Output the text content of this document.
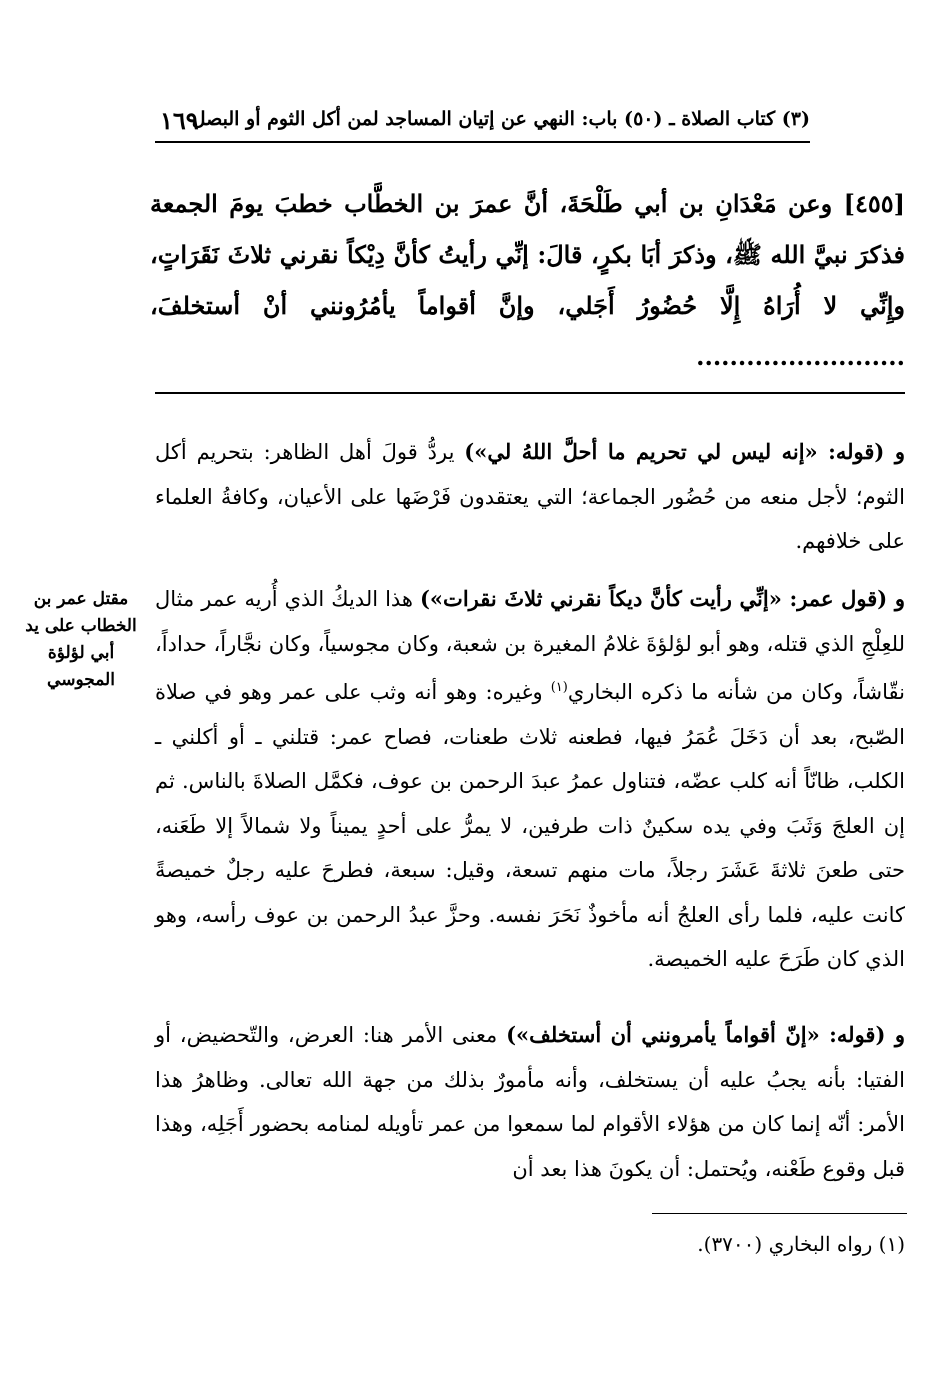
(٣) كتاب الصلاة ـ (٥٠) باب: النهي عن إتيان المساجد لمن أكل الثوم أو البصل
١٦٩
[٤٥٥] وعن مَعْدَانِ بن أبي طَلْحَةَ، أنَّ عمرَ بن الخطَّاب خطبَ يومَ الجمعة فذكرَ نبيَّ الله ﷺ، وذكرَ أبَا بكرٍ، قالَ: إنِّي رأيتُ كأنَّ دِيْكاً نقرني ثلاثَ نَقَرَاتٍ، وإِنِّي لا أُرَاهُ إِلَّا حُضُورُ أَجَلي، وإنَّ أقواماً يأمُرُونني أنْ أستخلفَ، .........................
و (قوله: «إنه ليس لي تحريم ما أحلَّ اللهُ لي») يردُّ قولَ أهل الظاهر: بتحريم أكل الثوم؛ لأجل منعه من حُضُور الجماعة؛ التي يعتقدون فَرْضَها على الأعيان، وكافةُ العلماء على خلافهم.
و (قول عمر: «إنِّي رأيت كأنَّ ديكاً نقرني ثلاثَ نقرات») هذا الديكُ الذي أُريه عمر مثال للعِلْجِ الذي قتله، وهو أبو لؤلؤةَ غلامُ المغيرة بن شعبة، وكان مجوسياً، وكان نجَّاراً، حداداً، نقّاشاً، وكان من شأنه ما ذكره البخاري$^{(١)}$ وغيره: وهو أنه وثب على عمر وهو في صلاة الصّبح، بعد أن دَخَلَ عُمَرُ فيها، فطعنه ثلاث طعنات، فصاح عمر: قتلني ـ أو أكلني ـ الكلب، ظانّاً أنه كلب عضّه، فتناول عمرُ عبدَ الرحمن بن عوف، فكمَّل الصلاةَ بالناس. ثم إن العلجَ وَثَبَ وفي يده سكينٌ ذات طرفين، لا يمرُّ على أحدٍ يميناً ولا شمالاً إلا طَعَنه، حتى طعنَ ثلاثةَ عَشَرَ رجلاً، مات منهم تسعة، وقيل: سبعة، فطرحَ عليه رجلٌ خميصةً كانت عليه، فلما رأى العلجُ أنه مأخوذٌ نَحَرَ نفسه. وحزَّ عبدُ الرحمن بن عوف رأسه، وهو الذي كان طَرَحَ عليه الخميصة.
مقتل عمر بن الخطاب على يد أبي لؤلؤة المجوسي
و (قوله: «إنّ أقواماً يأمرونني أن أستخلف») معنى الأمر هنا: العرض، والتّحضيض، أو الفتيا: بأنه يجبُ عليه أن يستخلف، وأنه مأمورٌ بذلك من جهة الله تعالى. وظاهرُ هذا الأمر: أنّه إنما كان من هؤلاء الأقوام لما سمعوا من عمر تأويله لمنامه بحضور أَجَلِه، وهذا قبل وقوع طَعْنه، ويُحتمل: أن يكونَ هذا بعد أن
(١) رواه البخاري (٣٧٠٠).
